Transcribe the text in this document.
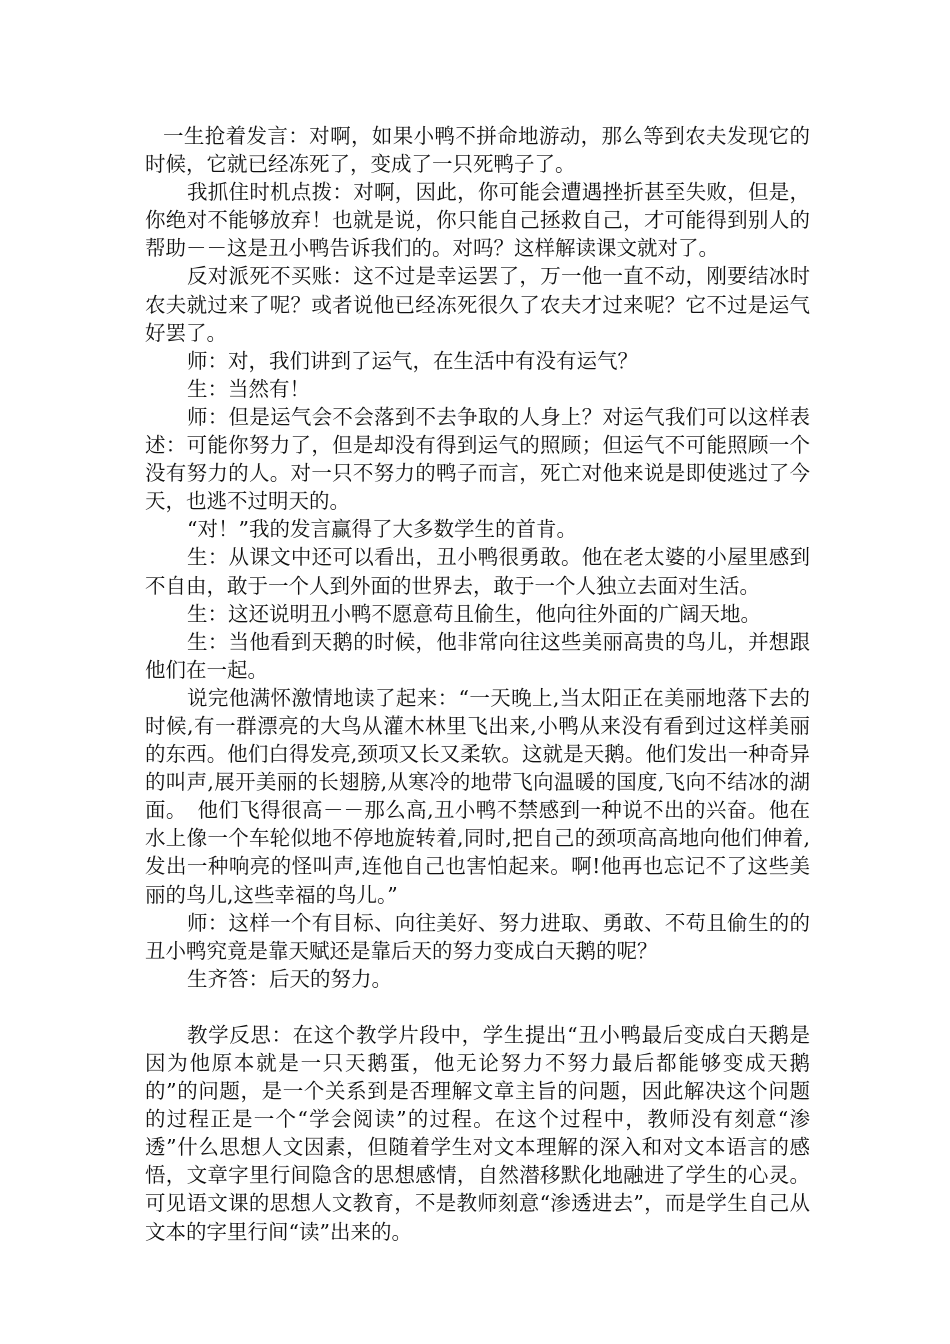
一生抢着发言：对啊，如果小鸭不拼命地游动，那么等到农夫发现它的时候，它就已经冻死了，变成了一只死鸭子了。

我抓住时机点拨：对啊，因此，你可能会遭遇挫折甚至失败，但是，你绝对不能够放弃！也就是说，你只能自己拯救自己，才可能得到别人的帮助－－这是丑小鸭告诉我们的。对吗？这样解读课文就对了。

反对派死不买账：这不过是幸运罢了，万一他一直不动，刚要结冰时农夫就过来了呢？或者说他已经冻死很久了农夫才过来呢？它不过是运气好罢了。

师：对，我们讲到了运气，在生活中有没有运气？

生：当然有！

师：但是运气会不会落到不去争取的人身上？对运气我们可以这样表述：可能你努力了，但是却没有得到运气的照顾；但运气不可能照顾一个没有努力的人。对一只不努力的鸭子而言，死亡对他来说是即使逃过了今天，也逃不过明天的。

“对！”我的发言赢得了大多数学生的首肯。

生：从课文中还可以看出，丑小鸭很勇敢。他在老太婆的小屋里感到不自由，敢于一个人到外面的世界去，敢于一个人独立去面对生活。

生：这还说明丑小鸭不愿意苟且偷生，他向往外面的广阔天地。

生：当他看到天鹅的时候，他非常向往这些美丽高贵的鸟儿，并想跟他们在一起。

说完他满怀激情地读了起来：“一天晚上,当太阳正在美丽地落下去的时候,有一群漂亮的大鸟从灌木林里飞出来,小鸭从来没有看到过这样美丽的东西。他们白得发亮,颈项又长又柔软。这就是天鹅。他们发出一种奇异的叫声,展开美丽的长翅膀,从寒冷的地带飞向温暖的国度,飞向不结冰的湖面。　他们飞得很高－－那么高,丑小鸭不禁感到一种说不出的兴奋。他在水上像一个车轮似地不停地旋转着,同时,把自己的颈项高高地向他们伸着,发出一种响亮的怪叫声,连他自己也害怕起来。啊!他再也忘记不了这些美丽的鸟儿,这些幸福的鸟儿。”

师：这样一个有目标、向往美好、努力进取、勇敢、不苟且偷生的的丑小鸭究竟是靠天赋还是靠后天的努力变成白天鹅的呢？

生齐答：后天的努力。

教学反思：在这个教学片段中，学生提出“丑小鸭最后变成白天鹅是因为他原本就是一只天鹅蛋，他无论努力不努力最后都能够变成天鹅的”的问题，是一个关系到是否理解文章主旨的问题，因此解决这个问题的过程正是一个“学会阅读”的过程。在这个过程中，教师没有刻意“渗透”什么思想人文因素，但随着学生对文本理解的深入和对文本语言的感悟，文章字里行间隐含的思想感情，自然潜移默化地融进了学生的心灵。可见语文课的思想人文教育，不是教师刻意“渗透进去”，而是学生自己从文本的字里行间“读”出来的。
